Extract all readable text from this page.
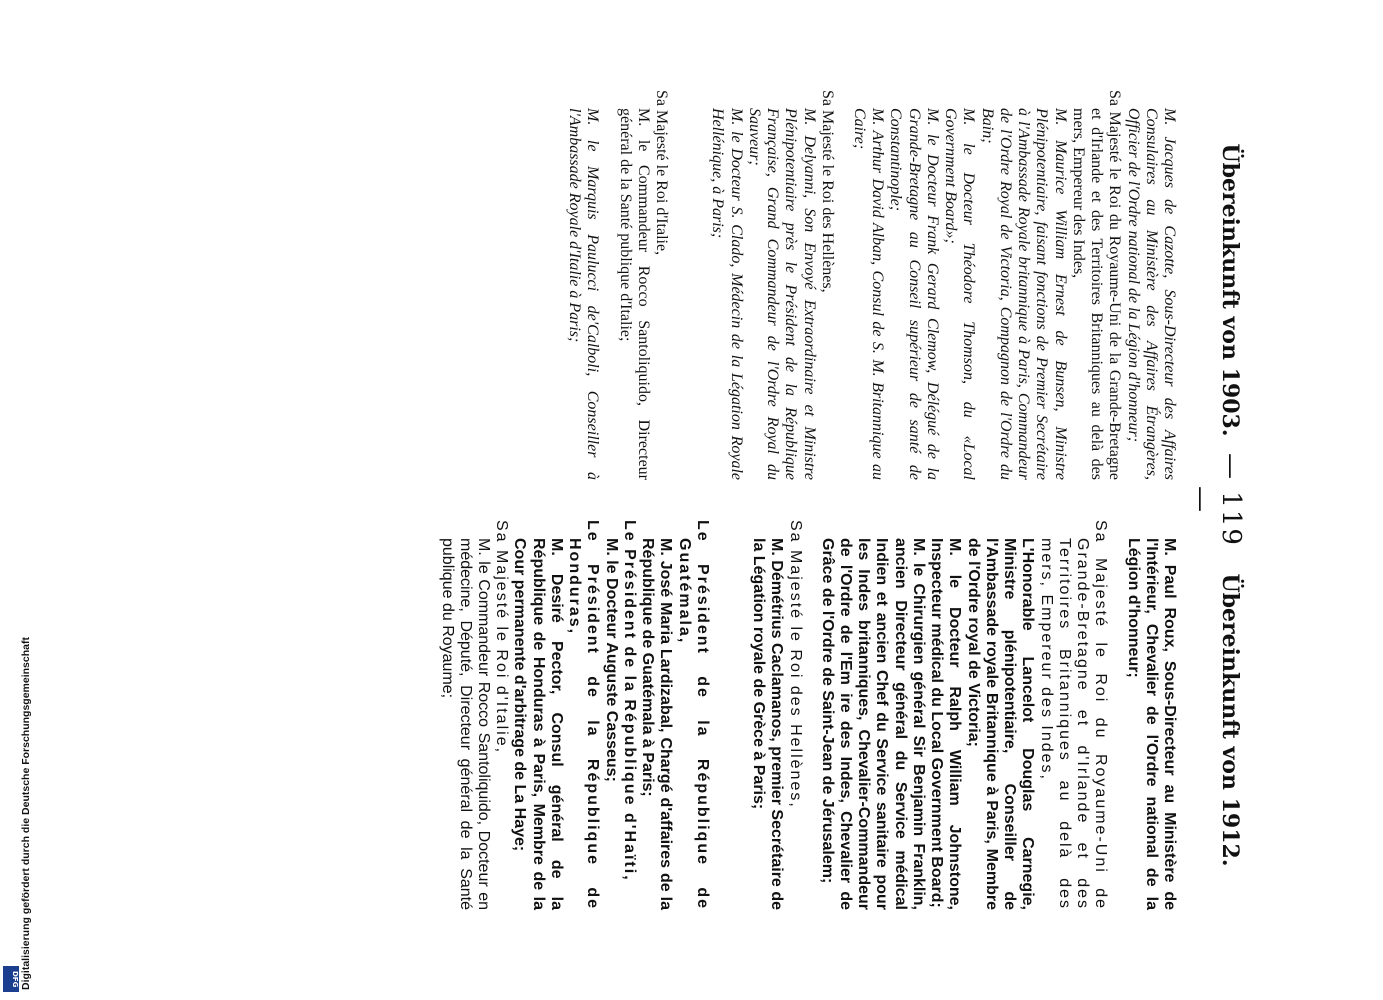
Übereinkunft von 1903.
— 119 —
Übereinkunft von 1912.

M. Jacques de Cazotte, Sous-Directeur des Affaires Consulaires au Ministère des Affaires Étrangères, Officier de l'Ordre national de la Légion d'honneur;

Sa Majesté le Roi du Royaume-Uni de la Grande-Bretagne et d'Irlande et des Territoires Britanniques au delà des mers, Empereur des Indes,

M. Maurice William Ernest de Bunsen, Ministre Plénipotentiaire, faisant fonctions de Premier Secrétaire à l'Ambassade Royale britannique à Paris, Commandeur de l'Ordre Royal de Victoria, Compagnon de l'Ordre du Bain;

M. le Docteur Théodore Thomson, du «Local Government Board»;

M. le Docteur Frank Gerard Clemow, Délégué de la Grande-Bretagne au Conseil supérieur de santé de Constantinople;

M. Arthur David Alban, Consul de S. M. Britannique au Caire;

Sa Majesté le Roi des Hellènes,

M. Delyanni, Son Envoyé Extraordinaire et Ministre Plénipotentiaire près le Président de la République Française, Grand Commandeur de l'Ordre Royal du Sauveur;

M. le Docteur S. Clado, Médecin de la Légation Royale Hellénique, à Paris;

Sa Majesté le Roi d'Italie,

M. le Commandeur Rocco Santoliquido, Directeur général de la Santé publique d'Italie;

M. le Marquis Paulucci de'Calboli, Conseiller à l'Ambassade Royale d'Italie à Paris;

M. Paul Roux, Sous-Directeur au Ministère de l'Intérieur, Chevalier de l'Ordre national de la Légion d'honneur;

Sa Majesté le Roi du Royaume-Uni de Grande-Bretagne et d'Irlande et des Territoires Britanniques au delà des mers, Empereur des Indes,

L'Honorable Lancelot Douglas Carnegie, Ministre plénipotentiaire, Conseiller de l'Ambassade royale Britannique à Paris, Membre de l'Ordre royal de Victoria;

M. le Docteur Ralph William Johnstone, Inspecteur médical du Local Government Board;

M. le Chirurgien général Sir Benjamin Franklin, ancien Directeur général du Service médical Indien et ancien Chef du Service sanitaire pour les Indes britanniques, Chevalier-Commandeur de l'Ordre de l'Em ire des Indes, Chevalier de Grâce de l'Ordre de Saint-Jean de Jérusalem;

Sa Majesté le Roi des Hellènes,

M. Démétrius Caclamanos, premier Secrétaire de la Légation royale de Grèce à Paris;

Le Président de la République de Guatémala,

M. José Maria Lardizabal, Chargé d'affaires de la République de Guatémala à Paris;

Le Président de la République d'Haïti,

M. le Docteur Auguste Casseus;

Le Président de la République de Honduras,

M. Desiré Pector, Consul général de la République de Honduras à Paris, Membre de la Cour permanente d'arbitrage de La Haye;

Sa Majesté le Roi d'Italie,

M. le Commandeur Rocco Santoliquido, Docteur en médecine, Député, Directeur général de la Santé publique du Royaume;

Digitalisierung gefördert durch die Deutsche Forschungsgemeinschaft
DFG
